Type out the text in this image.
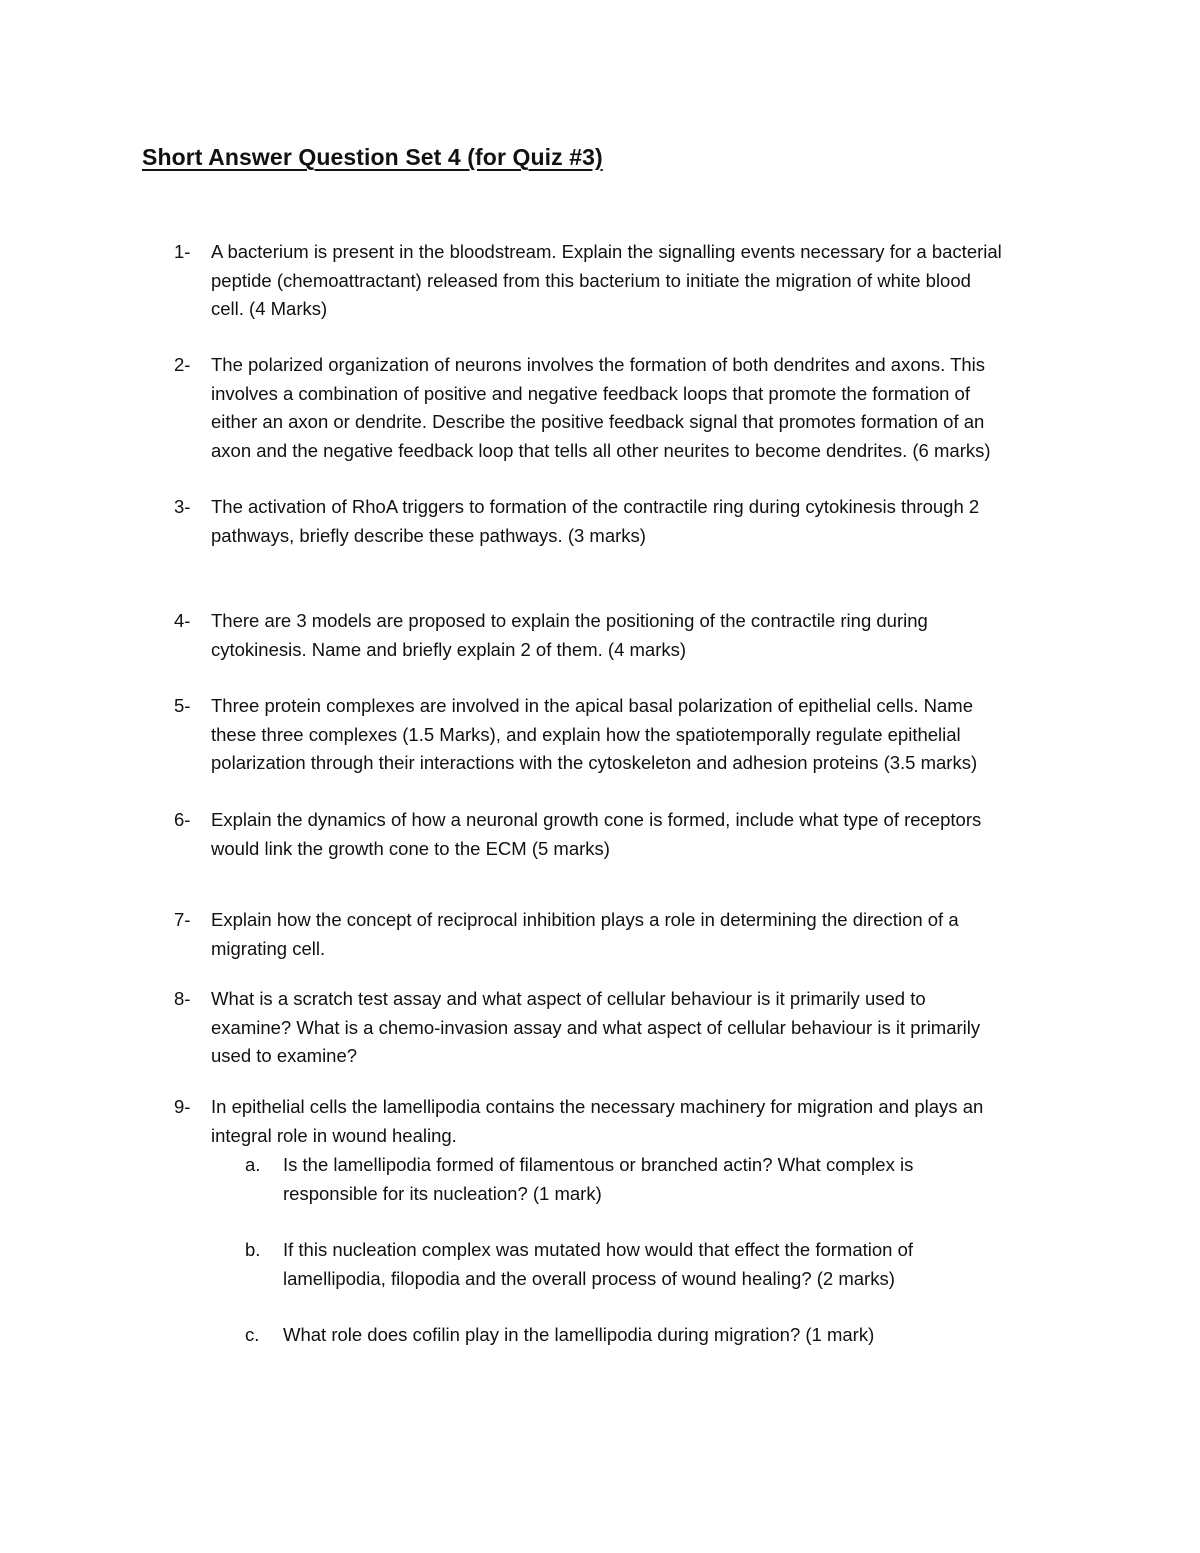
Short Answer Question Set 4 (for Quiz #3)
1- A bacterium is present in the bloodstream. Explain the signalling events necessary for a bacterial
peptide (chemoattractant) released from this bacterium to initiate the migration of white blood
cell. (4 Marks)
2- The polarized organization of neurons involves the formation of both dendrites and axons. This
involves a combination of positive and negative feedback loops that promote the formation of
either an axon or dendrite. Describe the positive feedback signal that promotes formation of an
axon and the negative feedback loop that tells all other neurites to become dendrites. (6 marks)
3- The activation of RhoA triggers to formation of the contractile ring during cytokinesis through 2
pathways, briefly describe these pathways. (3 marks)
4- There are 3 models are proposed to explain the positioning of the contractile ring during
cytokinesis. Name and briefly explain 2 of them. (4 marks)
5- Three protein complexes are involved in the apical basal polarization of epithelial cells. Name
these three complexes (1.5 Marks), and explain how the spatiotemporally regulate epithelial
polarization through their interactions with the cytoskeleton and adhesion proteins (3.5 marks)
6- Explain the dynamics of how a neuronal growth cone is formed, include what type of receptors
would link the growth cone to the ECM (5 marks)
7- Explain how the concept of reciprocal inhibition plays a role in determining the direction of a
migrating cell.
8- What is a scratch test assay and what aspect of cellular behaviour is it primarily used to
examine? What is a chemo-invasion assay and what aspect of cellular behaviour is it primarily
used to examine?
9- In epithelial cells the lamellipodia contains the necessary machinery for migration and plays an
integral role in wound healing.
a. Is the lamellipodia formed of filamentous or branched actin? What complex is
responsible for its nucleation? (1 mark)
b. If this nucleation complex was mutated how would that effect the formation of
lamellipodia, filopodia and the overall process of wound healing? (2 marks)
c. What role does cofilin play in the lamellipodia during migration? (1 mark)
